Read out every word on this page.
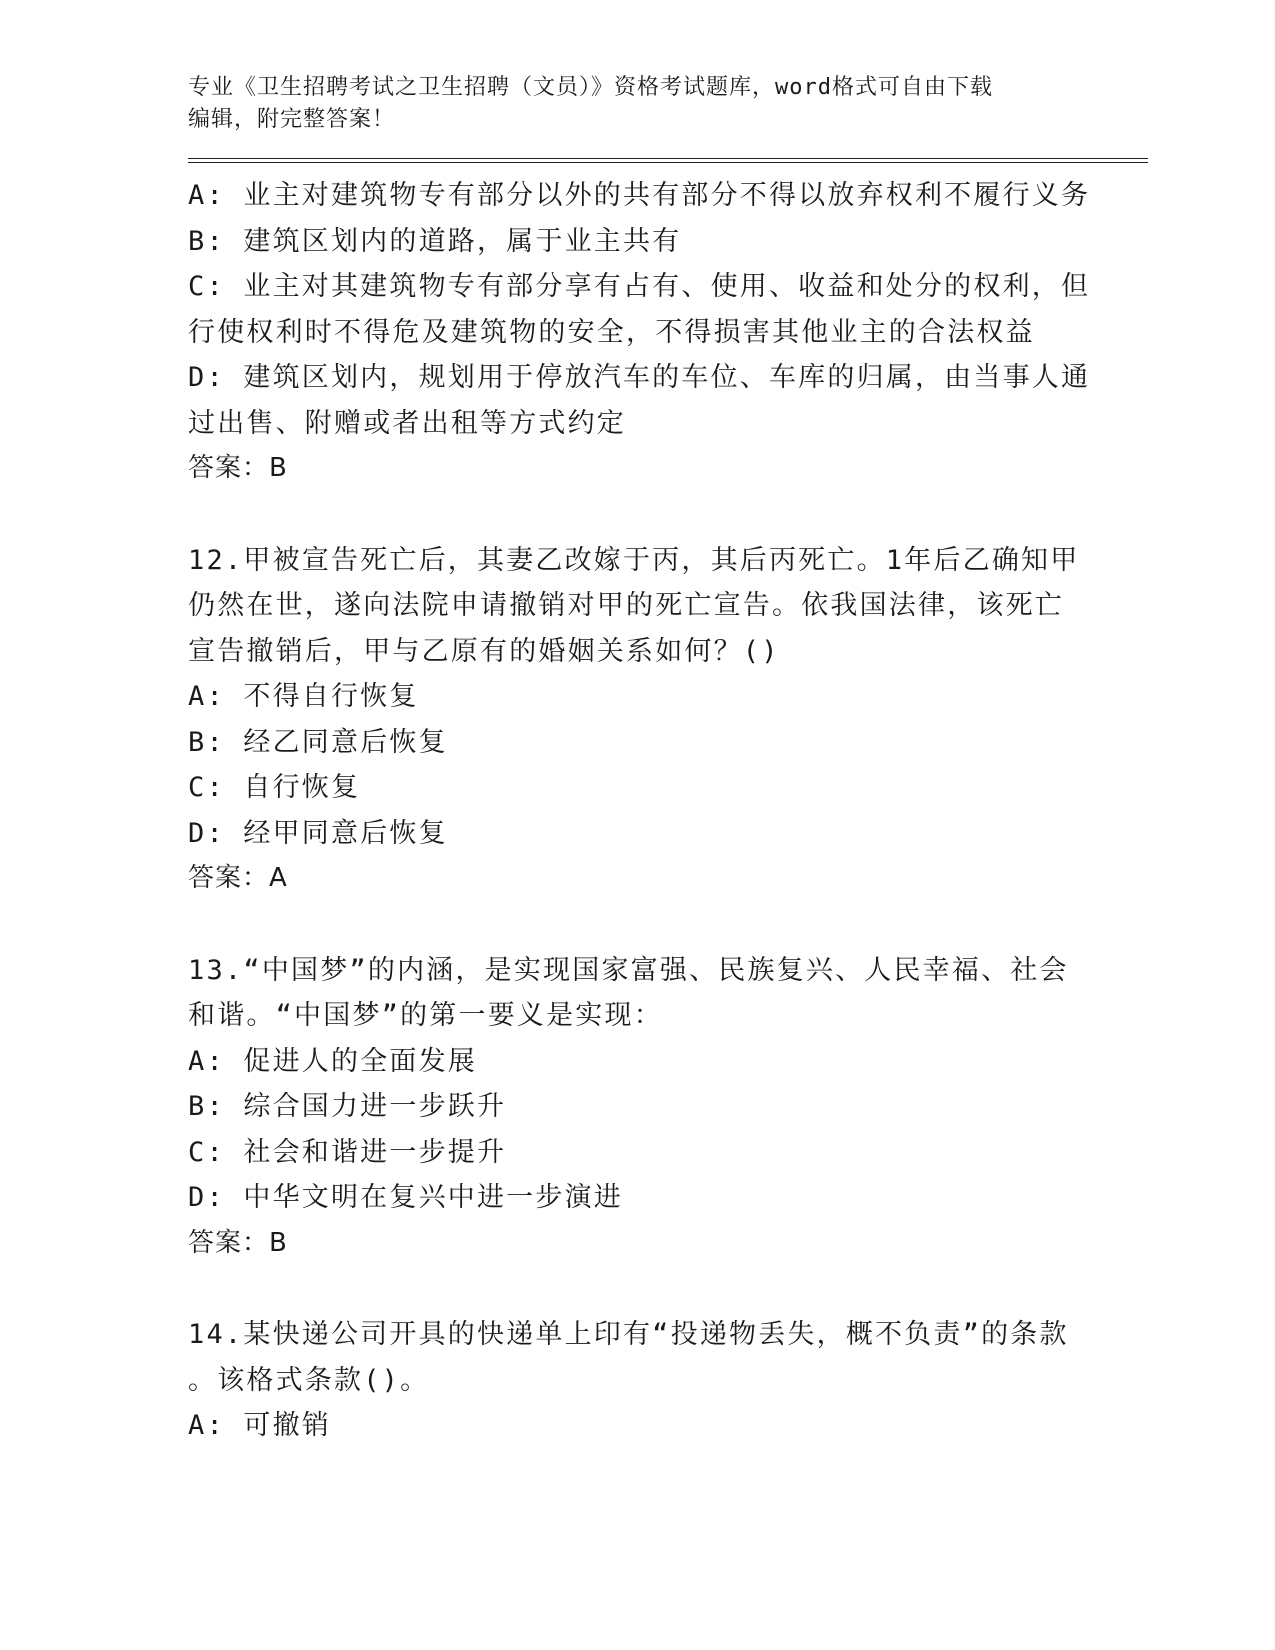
专业《卫生招聘考试之卫生招聘（文员）》资格考试题库，word格式可自由下载
编辑，附完整答案！
A: 业主对建筑物专有部分以外的共有部分不得以放弃权利不履行义务
B: 建筑区划内的道路，属于业主共有
C: 业主对其建筑物专有部分享有占有、使用、收益和处分的权利，但
行使权利时不得危及建筑物的安全，不得损害其他业主的合法权益
D: 建筑区划内，规划用于停放汽车的车位、车库的归属，由当事人通
过出售、附赠或者出租等方式约定
答案：B
12.甲被宣告死亡后，其妻乙改嫁于丙，其后丙死亡。1年后乙确知甲
仍然在世，遂向法院申请撤销对甲的死亡宣告。依我国法律，该死亡
宣告撤销后，甲与乙原有的婚姻关系如何？()
A: 不得自行恢复
B: 经乙同意后恢复
C: 自行恢复
D: 经甲同意后恢复
答案：A
13.“中国梦”的内涵，是实现国家富强、民族复兴、人民幸福、社会
和谐。“中国梦”的第一要义是实现：
A: 促进人的全面发展
B: 综合国力进一步跃升
C: 社会和谐进一步提升
D: 中华文明在复兴中进一步演进
答案：B
14.某快递公司开具的快递单上印有“投递物丢失，概不负责”的条款
。该格式条款()。
A: 可撤销
